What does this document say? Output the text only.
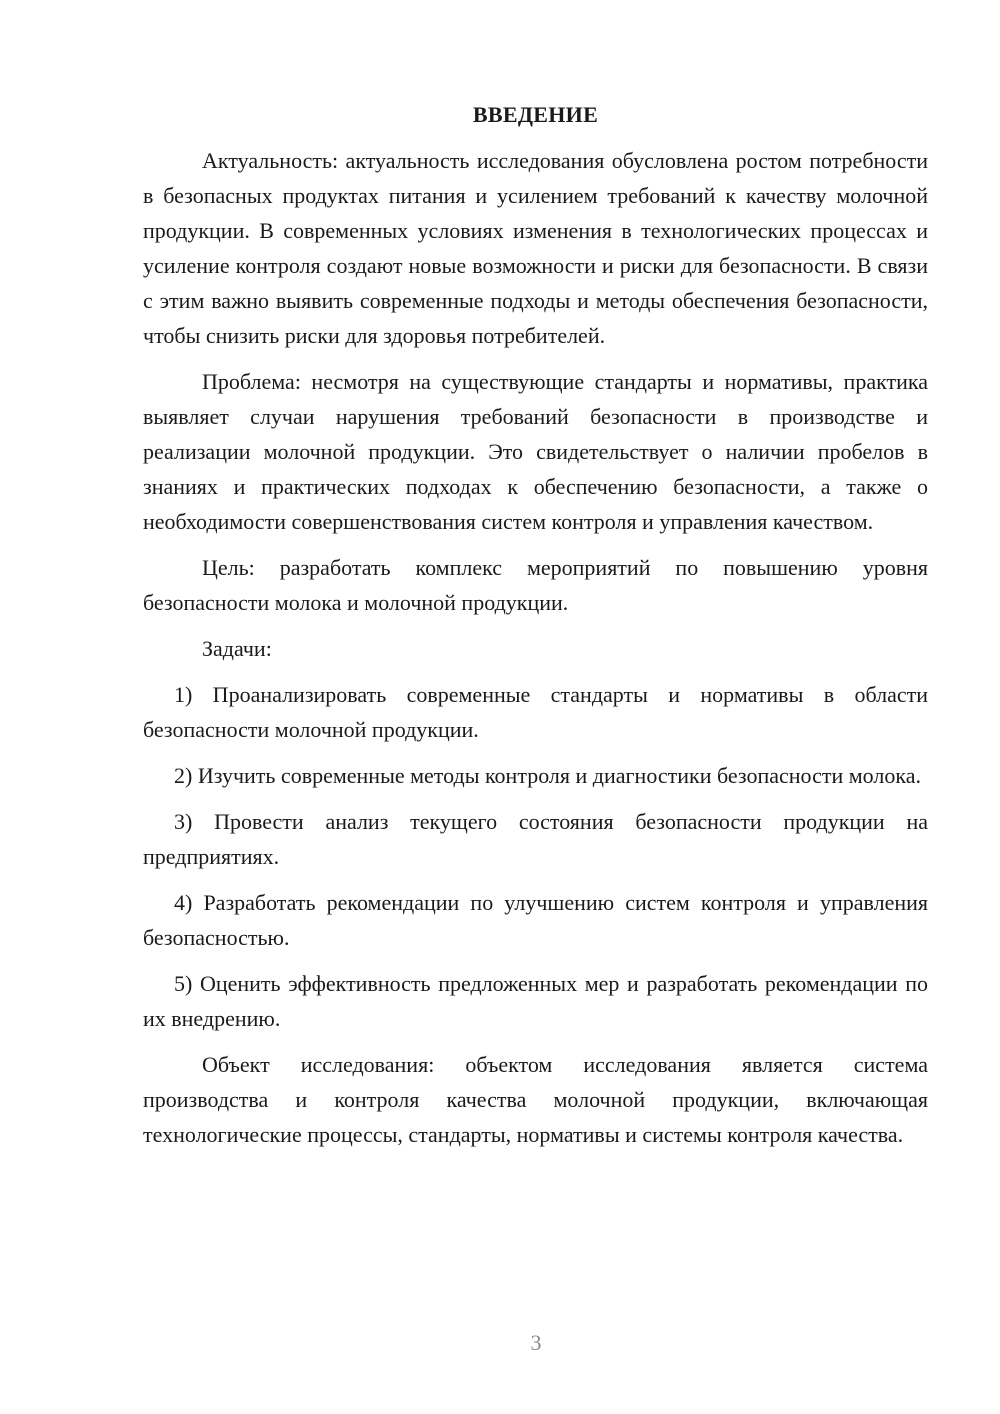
ВВЕДЕНИЕ

Актуальность: актуальность исследования обусловлена ростом потребности в безопасных продуктах питания и усилением требований к качеству молочной продукции. В современных условиях изменения в технологических процессах и усиление контроля создают новые возможности и риски для безопасности. В связи с этим важно выявить современные подходы и методы обеспечения безопасности, чтобы снизить риски для здоровья потребителей.

Проблема: несмотря на существующие стандарты и нормативы, практика выявляет случаи нарушения требований безопасности в производстве и реализации молочной продукции. Это свидетельствует о наличии пробелов в знаниях и практических подходах к обеспечению безопасности, а также о необходимости совершенствования систем контроля и управления качеством.

Цель: разработать комплекс мероприятий по повышению уровня безопасности молока и молочной продукции.

Задачи:

1) Проанализировать современные стандарты и нормативы в области безопасности молочной продукции.

2) Изучить современные методы контроля и диагностики безопасности молока.

3) Провести анализ текущего состояния безопасности продукции на предприятиях.

4) Разработать рекомендации по улучшению систем контроля и управления безопасностью.

5) Оценить эффективность предложенных мер и разработать рекомендации по их внедрению.

Объект исследования: объектом исследования является система производства и контроля качества молочной продукции, включающая технологические процессы, стандарты, нормативы и системы контроля качества.

3
